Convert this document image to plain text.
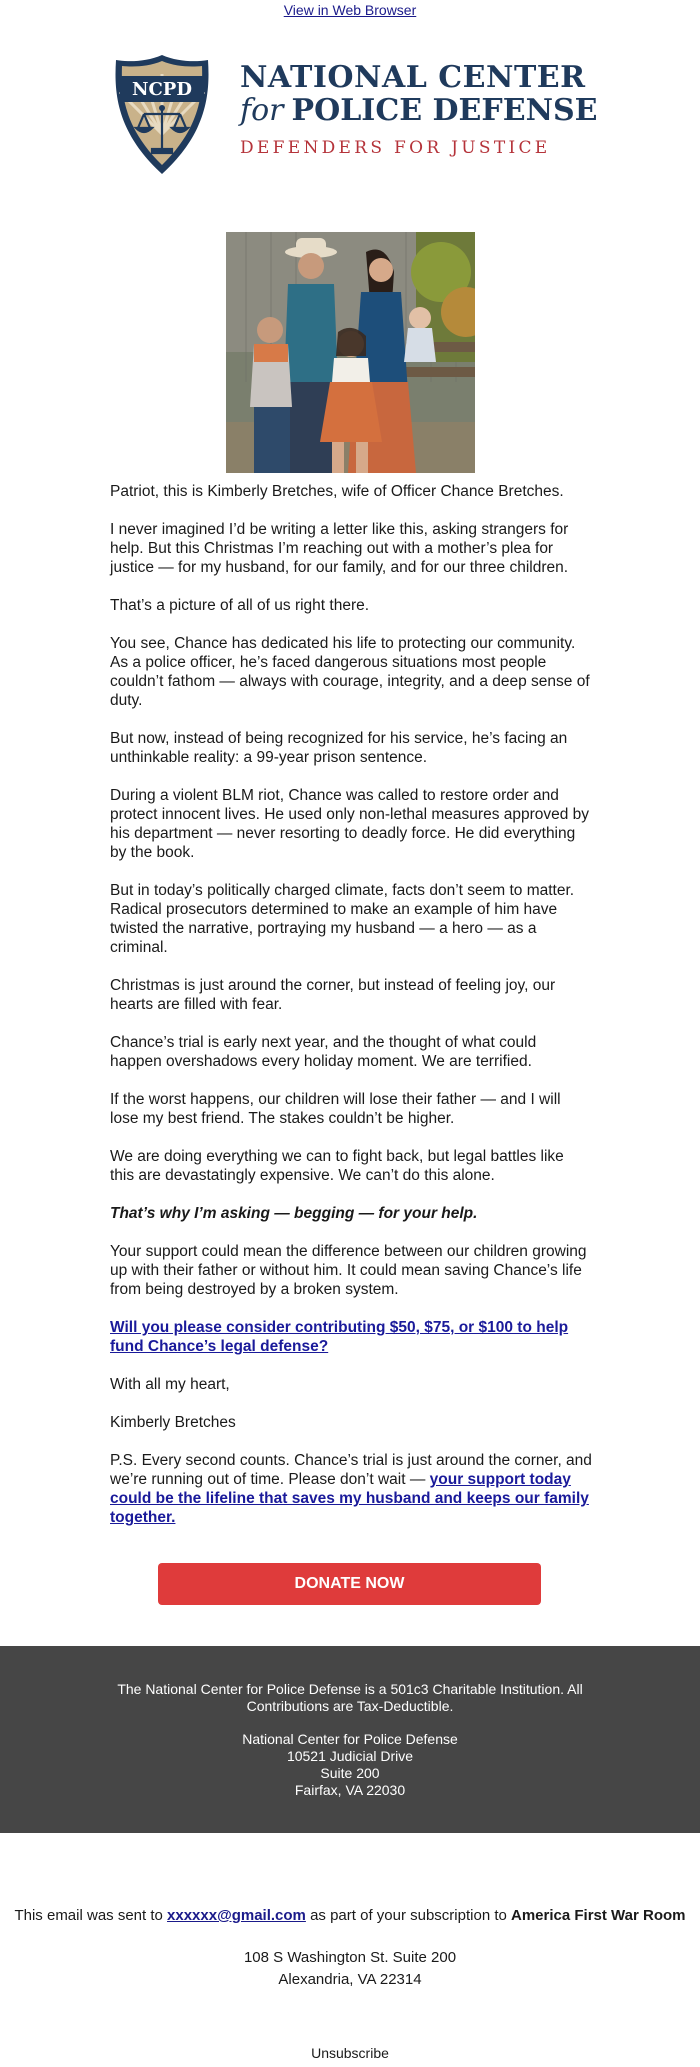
View in Web Browser
NCPD NATIONAL CENTER
for POLICE DEFENSE
DEFENDERS FOR JUSTICE

Patriot, this is Kimberly Bretches, wife of Officer Chance Bretches.

I never imagined I’d be writing a letter like this, asking strangers for help. But this Christmas I’m reaching out with a mother’s plea for justice — for my husband, for our family, and for our three children.

That’s a picture of all of us right there.

You see, Chance has dedicated his life to protecting our community. As a police officer, he’s faced dangerous situations most people couldn’t fathom — always with courage, integrity, and a deep sense of duty.

But now, instead of being recognized for his service, he’s facing an unthinkable reality: a 99-year prison sentence.

During a violent BLM riot, Chance was called to restore order and protect innocent lives. He used only non-lethal measures approved by his department — never resorting to deadly force. He did everything by the book.

But in today’s politically charged climate, facts don’t seem to matter. Radical prosecutors determined to make an example of him have twisted the narrative, portraying my husband — a hero — as a criminal.

Christmas is just around the corner, but instead of feeling joy, our hearts are filled with fear.

Chance’s trial is early next year, and the thought of what could happen overshadows every holiday moment. We are terrified.

If the worst happens, our children will lose their father — and I will lose my best friend. The stakes couldn’t be higher.

We are doing everything we can to fight back, but legal battles like this are devastatingly expensive. We can’t do this alone.

That’s why I’m asking — begging — for your help.

Your support could mean the difference between our children growing up with their father or without him. It could mean saving Chance’s life from being destroyed by a broken system.

Will you please consider contributing $50, $75, or $100 to help fund Chance’s legal defense?

With all my heart,

Kimberly Bretches

P.S. Every second counts. Chance’s trial is just around the corner, and we’re running out of time. Please don’t wait — your support today could be the lifeline that saves my husband and keeps our family together.

DONATE NOW
The National Center for Police Defense is a 501c3 Charitable Institution. All Contributions are Tax-Deductible.
National Center for Police Defense
10521 Judicial Drive
Suite 200
Fairfax, VA 22030
This email was sent to xxxxxx@gmail.com as part of your subscription to America First War Room
108 S Washington St. Suite 200
Alexandria, VA 22314
Unsubscribe
